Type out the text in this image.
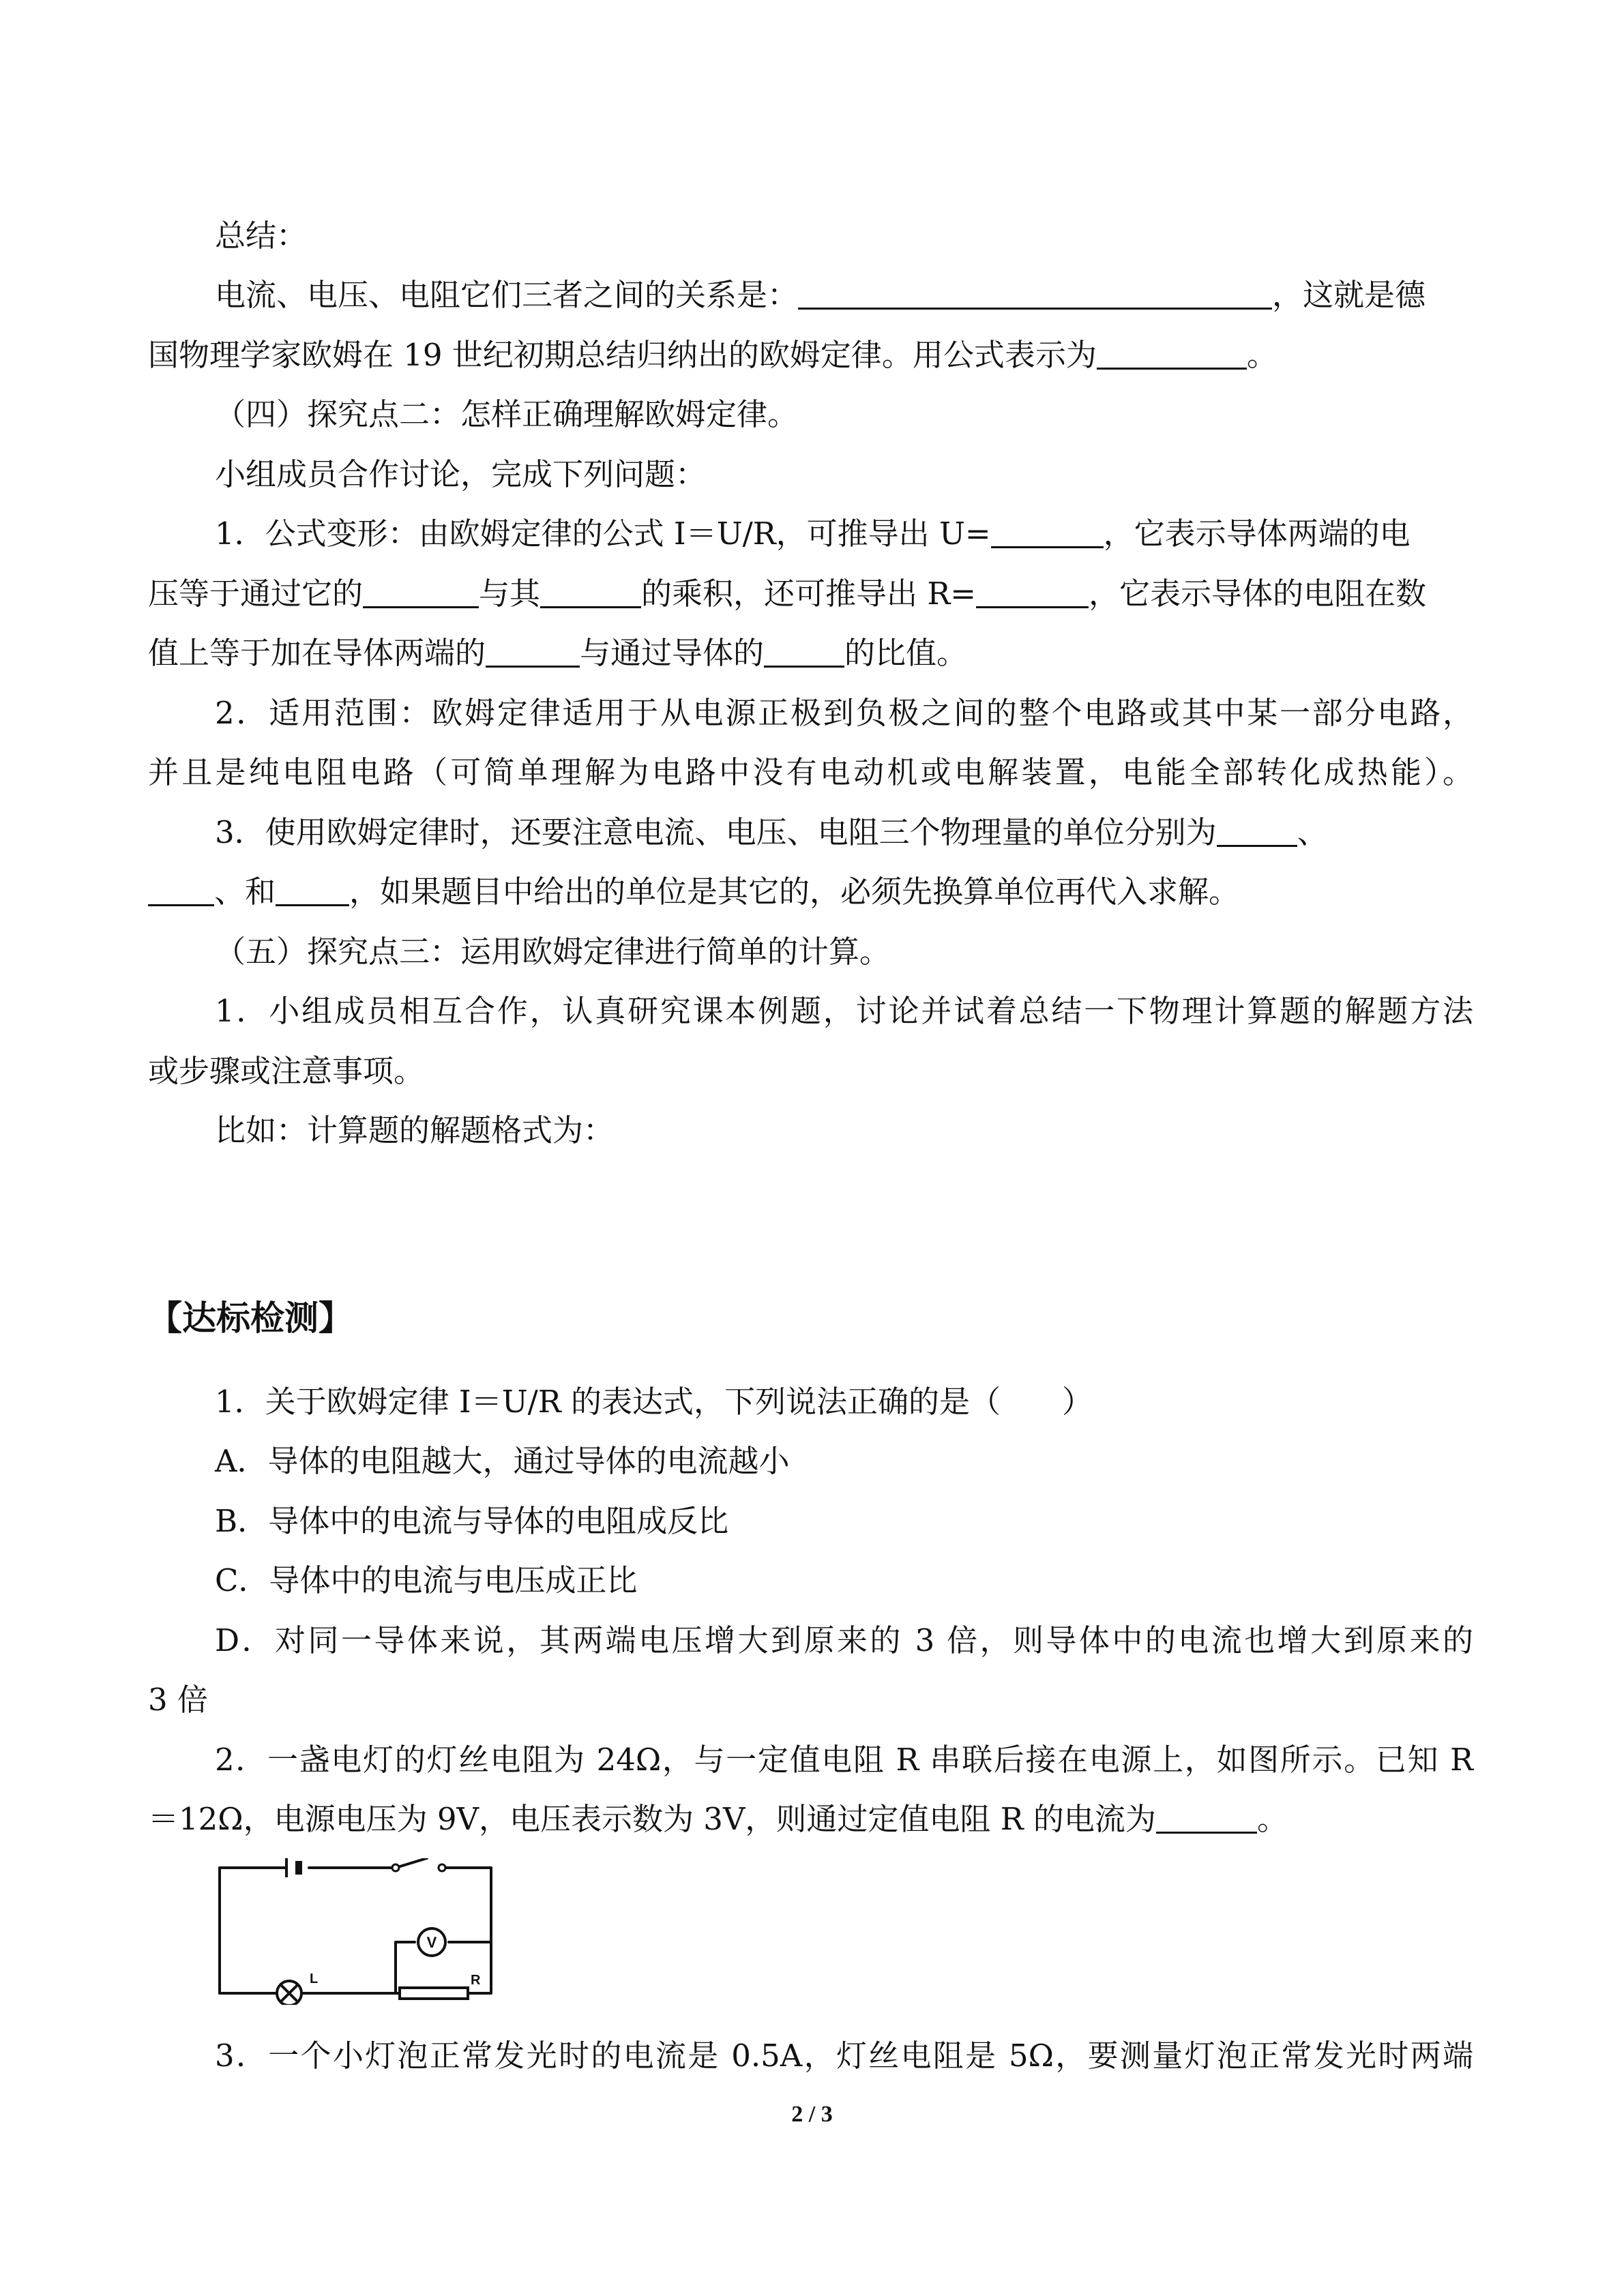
总结：

电流、电压、电阻它们三者之间的关系是：	，这就是德

国物理学家欧姆在 19 世纪初期总结归纳出的欧姆定律。用公式表示为	。

（四）探究点二：怎样正确理解欧姆定律。

小组成员合作讨论，完成下列问题：

1．公式变形：由欧姆定律的公式 I＝U/R，可推导出 U=	，它表示导体两端的电

压等于通过它的	与其	的乘积，还可推导出 R=	，它表示导体的电阻在数

值上等于加在导体两端的	与通过导体的	的比值。

2．适用范围：欧姆定律适用于从电源正极到负极之间的整个电路或其中某一部分电路，

并且是纯电阻电路（可简单理解为电路中没有电动机或电解装置，电能全部转化成热能）。

3．使用欧姆定律时，还要注意电流、电压、电阻三个物理量的单位分别为	、

、和 ，如果题目中给出的单位是其它的，必须先换算单位再代入求解。

（五）探究点三：运用欧姆定律进行简单的计算。

1．小组成员相互合作，认真研究课本例题，讨论并试着总结一下物理计算题的解题方法

或步骤或注意事项。

比如：计算题的解题格式为：

【达标检测】

1．关于欧姆定律 I＝U/R 的表达式，下列说法正确的是（　　）

A．导体的电阻越大，通过导体的电流越小

B．导体中的电流与导体的电阻成反比

C．导体中的电流与电压成正比

D．对同一导体来说，其两端电压增大到原来的 3 倍，则导体中的电流也增大到原来的

3 倍

2．一盏电灯的灯丝电阻为 24Ω，与一定值电阻 R 串联后接在电源上，如图所示。已知 R

＝12Ω，电源电压为 9V，电压表示数为 3V，则通过定值电阻 R 的电流为	。

L
V
R

3．一个小灯泡正常发光时的电流是 0.5A，灯丝电阻是 5Ω，要测量灯泡正常发光时两端

2 / 3
